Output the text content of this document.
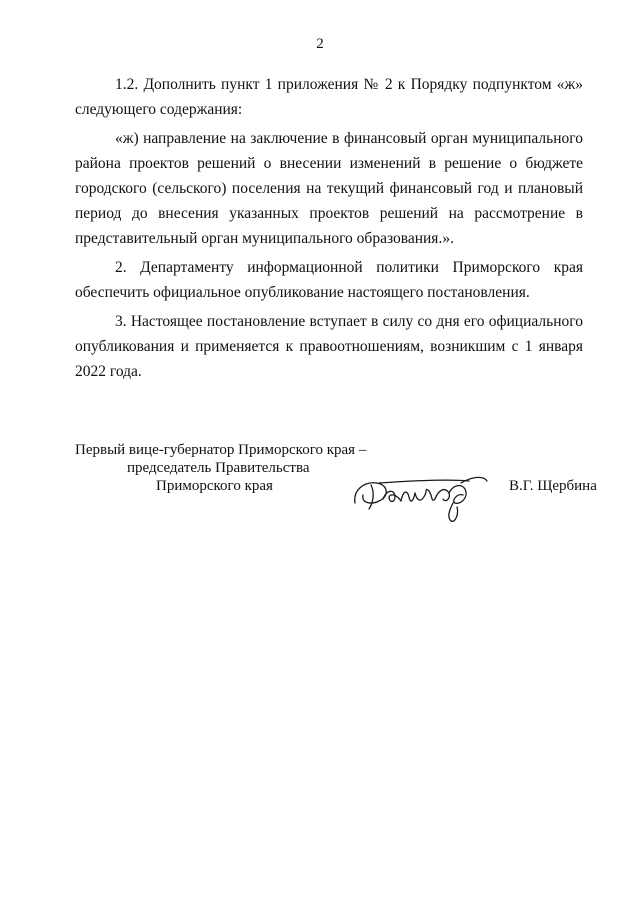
2

1.2. Дополнить пункт 1 приложения № 2 к Порядку подпунктом «ж» следующего содержания:

«ж) направление на заключение в финансовый орган муниципального района проектов решений о внесении изменений в решение о бюджете городского (сельского) поселения на текущий финансовый год и плановый период до внесения указанных проектов решений на рассмотрение в представительный орган муниципального образования.».

2. Департаменту информационной политики Приморского края обеспечить официальное опубликование настоящего постановления.

3. Настоящее постановление вступает в силу со дня его официального опубликования и применяется к правоотношениям, возникшим с 1 января 2022 года.

Первый вице-губернатор Приморского края –
председатель Правительства
Приморского края	В.Г. Щербина
